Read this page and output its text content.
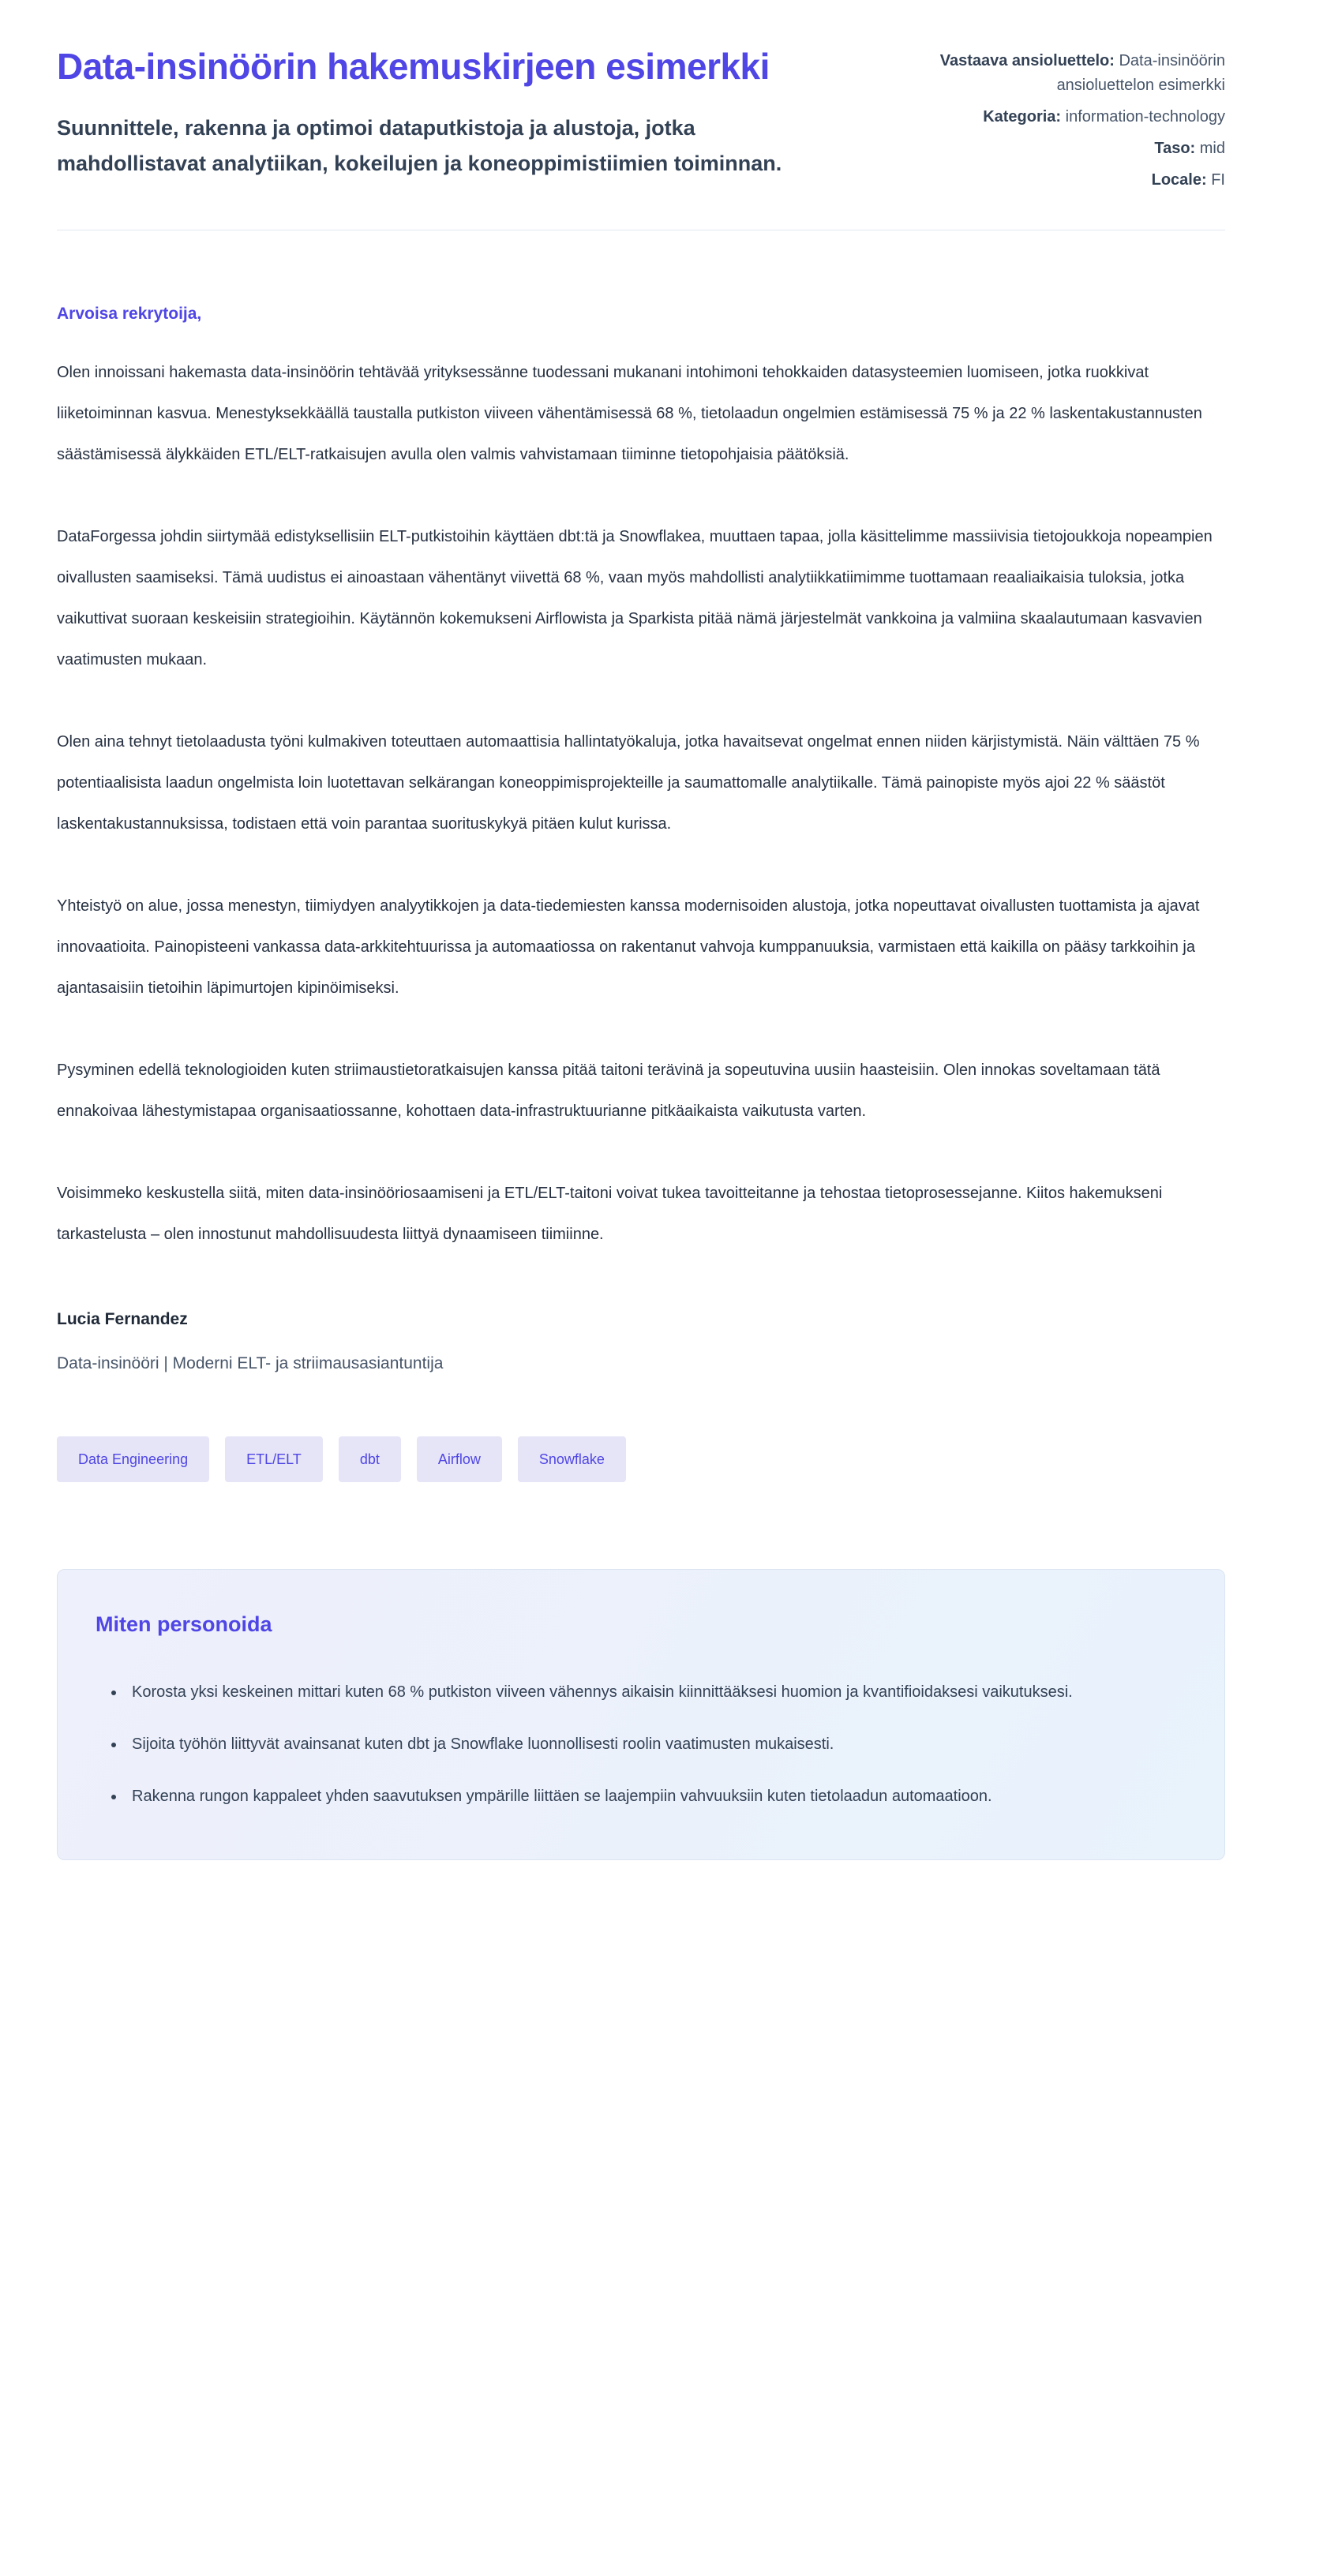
Data-insinöörin hakemuskirjeen esimerkki

Suunnittele, rakenna ja optimoi dataputkistoja ja alustoja, jotka mahdollistavat analytiikan, kokeilujen ja koneoppimistiimien toiminnan.

Vastaava ansioluettelo: Data-insinöörin ansioluettelon esimerkki
Kategoria: information-technology
Taso: mid
Locale: FI

Arvoisa rekrytoija,

Olen innoissani hakemasta data-insinöörin tehtävää yrityksessänne tuodessani mukanani intohimoni tehokkaiden datasysteemien luomiseen, jotka ruokkivat liiketoiminnan kasvua. Menestyksekkäällä taustalla putkiston viiveen vähentämisessä 68 %, tietolaadun ongelmien estämisessä 75 % ja 22 % laskentakustannusten säästämisessä älykkäiden ETL/ELT-ratkaisujen avulla olen valmis vahvistamaan tiiminne tietopohjaisia päätöksiä.

DataForgessa johdin siirtymää edistyksellisiin ELT-putkistoihin käyttäen dbt:tä ja Snowflakea, muuttaen tapaa, jolla käsittelimme massiivisia tietojoukkoja nopeampien oivallusten saamiseksi. Tämä uudistus ei ainoastaan vähentänyt viivettä 68 %, vaan myös mahdollisti analytiikkatiimimme tuottamaan reaaliaikaisia tuloksia, jotka vaikuttivat suoraan keskeisiin strategioihin. Käytännön kokemukseni Airflowista ja Sparkista pitää nämä järjestelmät vankkoina ja valmiina skaalautumaan kasvavien vaatimusten mukaan.

Olen aina tehnyt tietolaadusta työni kulmakiven toteuttaen automaattisia hallintatyökaluja, jotka havaitsevat ongelmat ennen niiden kärjistymistä. Näin välttäen 75 % potentiaalisista laadun ongelmista loin luotettavan selkärangan koneoppimisprojekteille ja saumattomalle analytiikalle. Tämä painopiste myös ajoi 22 % säästöt laskentakustannuksissa, todistaen että voin parantaa suorituskykyä pitäen kulut kurissa.

Yhteistyö on alue, jossa menestyn, tiimiydyen analyytikkojen ja data-tiedemiesten kanssa modernisoiden alustoja, jotka nopeuttavat oivallusten tuottamista ja ajavat innovaatioita. Painopisteeni vankassa data-arkkitehtuurissa ja automaatiossa on rakentanut vahvoja kumppanuuksia, varmistaen että kaikilla on pääsy tarkkoihin ja ajantasaisiin tietoihin läpimurtojen kipinöimiseksi.

Pysyminen edellä teknologioiden kuten striimaustietoratkaisujen kanssa pitää taitoni terävinä ja sopeutuvina uusiin haasteisiin. Olen innokas soveltamaan tätä ennakoivaa lähestymistapaa organisaatiossanne, kohottaen data-infrastruktuurianne pitkäaikaista vaikutusta varten.

Voisimmeko keskustella siitä, miten data-insinööriosaamiseni ja ETL/ELT-taitoni voivat tukea tavoitteitanne ja tehostaa tietoprosessejanne. Kiitos hakemukseni tarkastelusta – olen innostunut mahdollisuudesta liittyä dynaamiseen tiimiinne.

Lucia Fernandez

Data-insinööri | Moderni ELT- ja striimausasiantuntija

Data Engineering	ETL/ELT	dbt	Airflow	Snowflake
Miten personoida
• Korosta yksi keskeinen mittari kuten 68 % putkiston viiveen vähennys aikaisin kiinnittääksesi huomion ja kvantifioidaksesi vaikutuksesi.
• Sijoita työhön liittyvät avainsanat kuten dbt ja Snowflake luonnollisesti roolin vaatimusten mukaisesti.
• Rakenna rungon kappaleet yhden saavutuksen ympärille liittäen se laajempiin vahvuuksiin kuten tietolaadun automaatioon.
